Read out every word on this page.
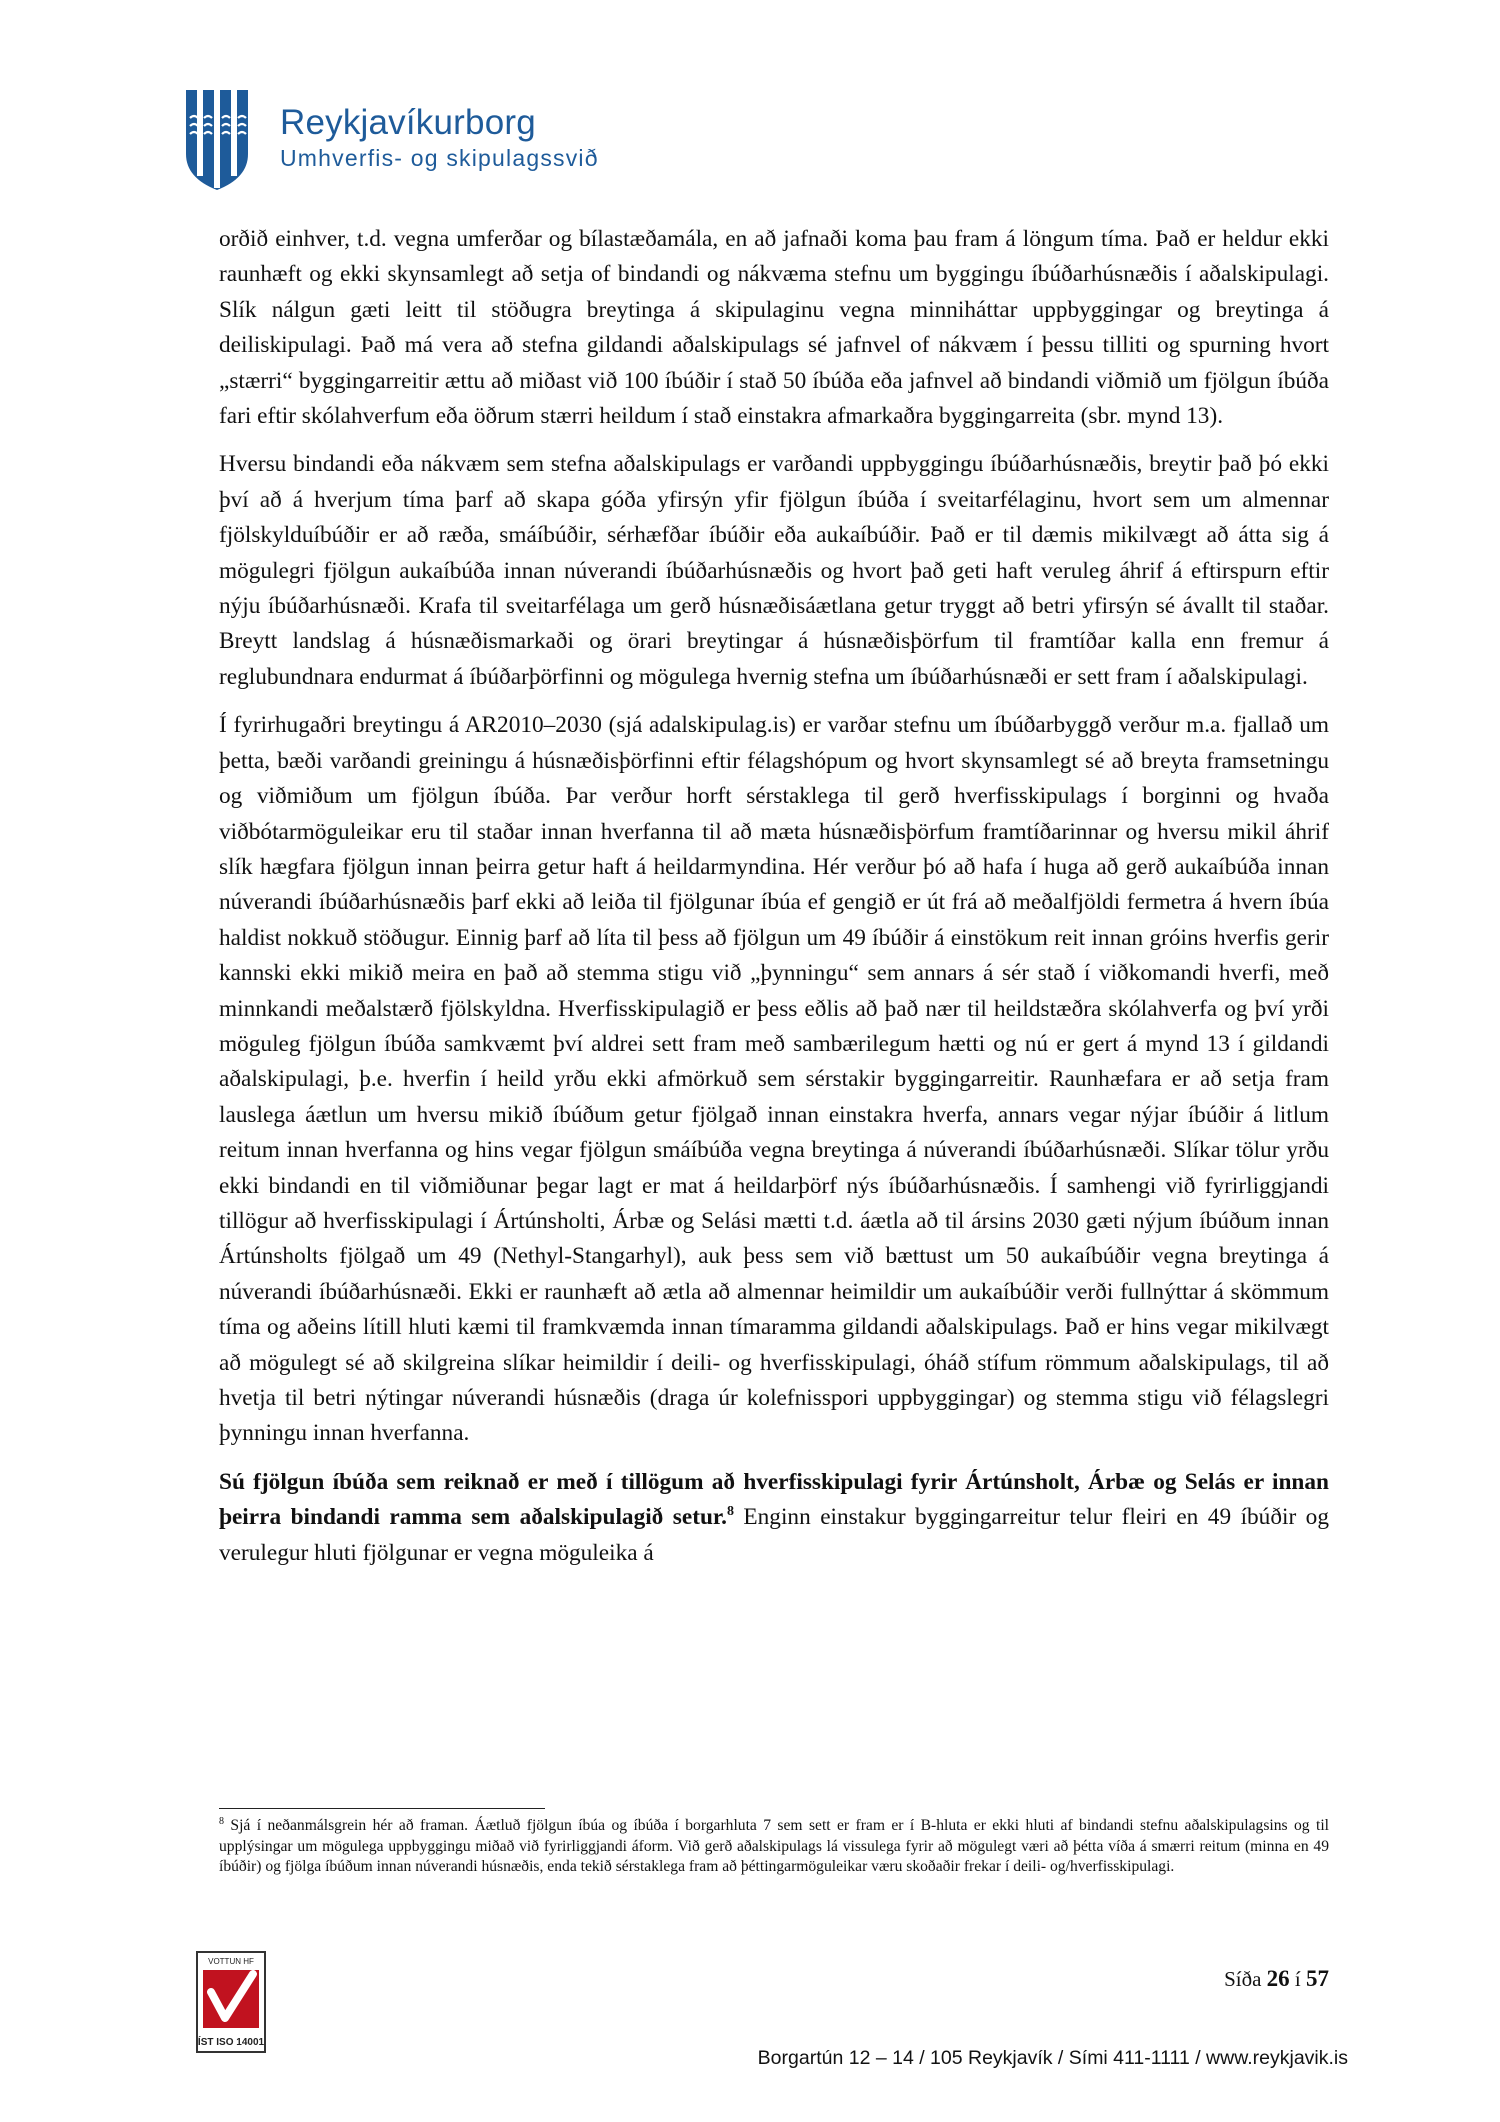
Reykjavíkurborg
Umhverfis- og skipulagssvið

orðið einhver, t.d. vegna umferðar og bílastæðamála, en að jafnaði koma þau fram á löngum tíma. Það er heldur ekki raunhæft og ekki skynsamlegt að setja of bindandi og nákvæma stefnu um byggingu íbúðarhúsnæðis í aðalskipulagi. Slík nálgun gæti leitt til stöðugra breytinga á skipulaginu vegna minniháttar uppbyggingar og breytinga á deiliskipulagi. Það má vera að stefna gildandi aðalskipulags sé jafnvel of nákvæm í þessu tilliti og spurning hvort „stærri“ byggingarreitir ættu að miðast við 100 íbúðir í stað 50 íbúða eða jafnvel að bindandi viðmið um fjölgun íbúða fari eftir skólahverfum eða öðrum stærri heildum í stað einstakra afmarkaðra byggingarreita (sbr. mynd 13).

Hversu bindandi eða nákvæm sem stefna aðalskipulags er varðandi uppbyggingu íbúðarhúsnæðis, breytir það þó ekki því að á hverjum tíma þarf að skapa góða yfirsýn yfir fjölgun íbúða í sveitarfélaginu, hvort sem um almennar fjölskylduíbúðir er að ræða, smáíbúðir, sérhæfðar íbúðir eða aukaíbúðir. Það er til dæmis mikilvægt að átta sig á mögulegri fjölgun aukaíbúða innan núverandi íbúðarhúsnæðis og hvort það geti haft veruleg áhrif á eftirspurn eftir nýju íbúðarhúsnæði. Krafa til sveitarfélaga um gerð húsnæðisáætlana getur tryggt að betri yfirsýn sé ávallt til staðar. Breytt landslag á húsnæðismarkaði og örari breytingar á húsnæðisþörfum til framtíðar kalla enn fremur á reglubundnara endurmat á íbúðarþörfinni og mögulega hvernig stefna um íbúðarhúsnæði er sett fram í aðalskipulagi.

Í fyrirhugaðri breytingu á AR2010–2030 (sjá adalskipulag.is) er varðar stefnu um íbúðarbyggð verður m.a. fjallað um þetta, bæði varðandi greiningu á húsnæðisþörfinni eftir félagshópum og hvort skynsamlegt sé að breyta framsetningu og viðmiðum um fjölgun íbúða. Þar verður horft sérstaklega til gerð hverfisskipulags í borginni og hvaða viðbótarmöguleikar eru til staðar innan hverfanna til að mæta húsnæðisþörfum framtíðarinnar og hversu mikil áhrif slík hægfara fjölgun innan þeirra getur haft á heildarmyndina. Hér verður þó að hafa í huga að gerð aukaíbúða innan núverandi íbúðarhúsnæðis þarf ekki að leiða til fjölgunar íbúa ef gengið er út frá að meðalfjöldi fermetra á hvern íbúa haldist nokkuð stöðugur. Einnig þarf að líta til þess að fjölgun um 49 íbúðir á einstökum reit innan gróins hverfis gerir kannski ekki mikið meira en það að stemma stigu við „þynningu“ sem annars á sér stað í viðkomandi hverfi, með minnkandi meðalstærð fjölskyldna. Hverfisskipulagið er þess eðlis að það nær til heildstæðra skólahverfa og því yrði möguleg fjölgun íbúða samkvæmt því aldrei sett fram með sambærilegum hætti og nú er gert á mynd 13 í gildandi aðalskipulagi, þ.e. hverfin í heild yrðu ekki afmörkuð sem sérstakir byggingarreitir. Raunhæfara er að setja fram lauslega áætlun um hversu mikið íbúðum getur fjölgað innan einstakra hverfa, annars vegar nýjar íbúðir á litlum reitum innan hverfanna og hins vegar fjölgun smáíbúða vegna breytinga á núverandi íbúðarhúsnæði. Slíkar tölur yrðu ekki bindandi en til viðmiðunar þegar lagt er mat á heildarþörf nýs íbúðarhúsnæðis. Í samhengi við fyrirliggjandi tillögur að hverfisskipulagi í Ártúnsholti, Árbæ og Selási mætti t.d. áætla að til ársins 2030 gæti nýjum íbúðum innan Ártúnsholts fjölgað um 49 (Nethyl-Stangarhyl), auk þess sem við bættust um 50 aukaíbúðir vegna breytinga á núverandi íbúðarhúsnæði. Ekki er raunhæft að ætla að almennar heimildir um aukaíbúðir verði fullnýttar á skömmum tíma og aðeins lítill hluti kæmi til framkvæmda innan tímaramma gildandi aðalskipulags. Það er hins vegar mikilvægt að mögulegt sé að skilgreina slíkar heimildir í deili- og hverfisskipulagi, óháð stífum römmum aðalskipulags, til að hvetja til betri nýtingar núverandi húsnæðis (draga úr kolefnisspori uppbyggingar) og stemma stigu við félagslegri þynningu innan hverfanna.

Sú fjölgun íbúða sem reiknað er með í tillögum að hverfisskipulagi fyrir Ártúnsholt, Árbæ og Selás er innan þeirra bindandi ramma sem aðalskipulagið setur.$^8$ Enginn einstakur byggingarreitur telur fleiri en 49 íbúðir og verulegur hluti fjölgunar er vegna möguleika á

$^8$ Sjá í neðanmálsgrein hér að framan. Áætluð fjölgun íbúa og íbúða í borgarhluta 7 sem sett er fram er í B-hluta er ekki hluti af bindandi stefnu aðalskipulagsins og til upplýsingar um mögulega uppbyggingu miðað við fyrirliggjandi áform. Við gerð aðalskipulags lá vissulega fyrir að mögulegt væri að þétta víða á smærri reitum (minna en 49 íbúðir) og fjölga íbúðum innan núverandi húsnæðis, enda tekið sérstaklega fram að þéttingarmöguleikar væru skoðaðir frekar í deili- og/hverfisskipulagi.

Síða 26 í 57
VOTTUN HF
ÍST ISO 14001
Borgartún 12 – 14 / 105 Reykjavík / Sími 411-1111 / www.reykjavik.is
